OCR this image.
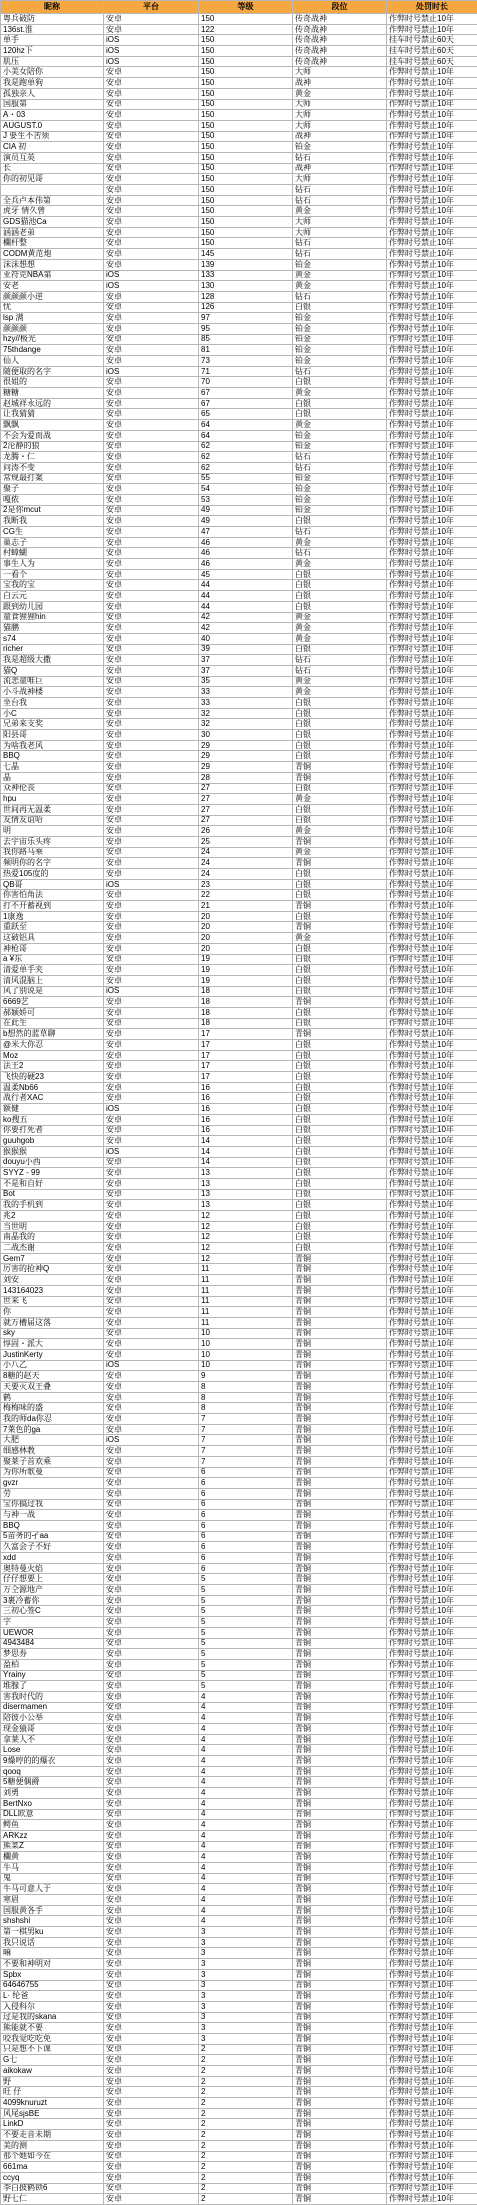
昵称	平台	等级	段位	处罚时长
粤兵破防	安卓	150	传奇战神	作弊时号禁止10年
136st.淮	安卓	122	传奇战神	作弊时号禁止10年
单手	iOS	150	传奇战神	挂车时号禁止60天
120hz下	iOS	150	传奇战神	挂车时号禁止60天
肌压	iOS	150	传奇战神	挂车时号禁止60天
小美女陪你	安卓	150	大师	作弊时号禁止10年
我是跑单狗	安卓	150	战神	作弊时号禁止10年
孤独亲人	安卓	150	黄金	作弊时号禁止10年
国服第	安卓	150	大师	作弊时号禁止10年
A・03	安卓	150	大师	作弊时号禁止10年
AUGUST.0	安卓	150	大师	作弊时号禁止10年
J 要生不苦须	安卓	150	战神	作弊时号禁止10年
CIA 初	安卓	150	铂金	作弊时号禁止10年
演员互英	安卓	150	钻石	作弊时号禁止10年
长	安卓	150	战神	作弊时号禁止10年
你的初见哥	安卓	150	大师	作弊时号禁止10年
	安卓	150	钻石	作弊时号禁止10年
全兵卢本伟第	安卓	150	钻石	作弊时号禁止10年
虎牙 情久曾	安卓	150	黄金	作弊时号禁止10年
GDS猫池Ca	安卓	150	大师	作弊时号禁止10年
涵涵老弟	安卓	150	大师	作弊时号禁止10年
欄杆整	安卓	150	钻石	作弊时号禁止10年
CODM黄范炮	安卓	145	钻石	作弊时号禁止10年
沫沫想想	安卓	139	铂金	作弊时号禁止10年
亚符克NBA第	iOS	133	黄金	作弊时号禁止10年
安老	iOS	130	黄金	作弊时号禁止10年
颜颜颜小逆	安卓	128	钻石	作弊时号禁止10年
忧	安卓	126	白银	作弊时号禁止10年
lsp 满	安卓	97	铂金	作弊时号禁止10年
颜颜颜	安卓	95	铂金	作弊时号禁止10年
hzy//极光	安卓	85	铂金	作弊时号禁止10年
75thdange	安卓	81	铂金	作弊时号禁止10年
仙人	安卓	73	铂金	作弊时号禁止10年
随便取的名字	iOS	71	钻石	作弊时号禁止10年
很姐的	安卓	70	白银	作弊时号禁止10年
糖糖	安卓	67	黄金	作弊时号禁止10年
赵城祥永远的	安卓	67	白银	作弊时号禁止10年
让我猜猜	安卓	65	白银	作弊时号禁止10年
飘飘	安卓	64	黄金	作弊时号禁止10年
不会为爱而战	安卓	64	铂金	作弊时号禁止10年
2沦静的狼	安卓	62	铂金	作弊时号禁止10年
龙腾・仁	安卓	62	钻石	作弊时号禁止10年
问涛不变	安卓	62	钻石	作弊时号禁止10年
常规最打案	安卓	55	铂金	作弊时号禁止10年
聚子	安卓	54	铂金	作弊时号禁止10年
嘎侬	安卓	53	铂金	作弊时号禁止10年
2是你mcut	安卓	49	铂金	作弊时号禁止10年
我断我	安卓	49	白银	作弊时号禁止10年
CG生	安卓	47	钻石	作弊时号禁止10年
巢志子	安卓	46	黄金	作弊时号禁止10年
村蟑蝴	安卓	46	钻石	作弊时号禁止10年
事生人为	安卓	46	黄金	作弊时号禁止10年
一看个	安卓	45	白银	作弊时号禁止10年
宝我的宝	安卓	44	白银	作弊时号禁止10年
白云元	安卓	44	白银	作弊时号禁止10年
跟到幼儿园	安卓	44	白银	作弊时号禁止10年
童食狸狸hin	安卓	42	黄金	作弊时号禁止10年
猫鹏	安卓	42	黄金	作弊时号禁止10年
s74	安卓	40	黄金	作弊时号禁止10年
richer	安卓	39	白银	作弊时号禁止10年
我是超级大撒	安卓	37	钻石	作弊时号禁止10年
猫Q	安卓	37	钻石	作弊时号禁止10年
流悲童唯巨	安卓	35	黄金	作弊时号禁止10年
小斗战神楼	安卓	33	黄金	作弊时号禁止10年
坐台我	安卓	33	白银	作弊时号禁止10年
小C	安卓	32	白银	作弊时号禁止10年
兄弟来支奖	安卓	32	白银	作弊时号禁止10年
阳县哥	安卓	30	白银	作弊时号禁止10年
为啥我老风	安卓	29	白银	作弊时号禁止10年
BBQ	安卓	29	白银	作弊时号禁止10年
七晶	安卓	29	青铜	作弊时号禁止10年
晶	安卓	28	青铜	作弊时号禁止10年
众神伦丧	安卓	27	白银	作弊时号禁止10年
hpu	安卓	27	黄金	作弊时号禁止10年
世间再无温柔	安卓	27	白银	作弊时号禁止10年
友情友谊哈	安卓	27	白银	作弊时号禁止10年
明	安卓	26	黄金	作弊时号禁止10年
去宇宙乐头疼	安卓	25	青铜	作弊时号禁止10年
我你路马乘	安卓	24	黄金	作弊时号禁止10年
频明你的名字	安卓	24	青铜	作弊时号禁止10年
热爱105度的	安卓	24	白银	作弊时号禁止10年
QB哥	iOS	23	白银	作弊时号禁止10年
你害怕角法	安卓	22	白银	作弊时号禁止10年
打不开蓄视到	安卓	21	青铜	作弊时号禁止10年
1康逸	安卓	20	白银	作弊时号禁止10年
重跃至	安卓	20	青铜	作弊时号禁止10年
这破铝具	安卓	20	黄金	作弊时号禁止10年
神枪哥	安卓	20	白银	作弊时号禁止10年
a ¥东	安卓	19	白银	作弊时号禁止10年
清爱单手夹	安卓	19	白银	作弊时号禁止10年
清风混脑上	安卓	19	白银	作弊时号禁止10年
风了别说是	iOS	18	白银	作弊时号禁止10年
6669艺	安卓	18	青铜	作弊时号禁止10年
郝颖娇可	安卓	18	白银	作弊时号禁止10年
在此生	安卓	18	白银	作弊时号禁止10年
b想然的蓝草聊	安卓	17	青铜	作弊时号禁止10年
@米大你忍	安卓	17	白银	作弊时号禁止10年
Moz	安卓	17	白银	作弊时号禁止10年
法王2	安卓	17	白银	作弊时号禁止10年
飞快的硬23	安卓	17	白银	作弊时号禁止10年
温柔Nb66	安卓	16	白银	作弊时号禁止10年
战行者XAC	安卓	16	白银	作弊时号禁止10年
额健	iOS	16	白银	作弊时号禁止10年
ko搜五	安卓	16	白银	作弊时号禁止10年
你要打死者	安卓	16	白银	作弊时号禁止10年
guuhgob	安卓	14	白银	作弊时号禁止10年
猴猴猴	iOS	14	白银	作弊时号禁止10年
douyu小西	安卓	14	白银	作弊时号禁止10年
SYYZ - 99	安卓	13	白银	作弊时号禁止10年
不是和自好	安卓	13	白银	作弊时号禁止10年
Bot	安卓	13	白银	作弊时号禁止10年
我的手机到	安卓	13	白银	作弊时号禁止10年
兆2	安卓	12	白银	作弊时号禁止10年
当世明	安卓	12	白银	作弊时号禁止10年
南晶我的	安卓	12	白银	作弊时号禁止10年
二战杰谢	安卓	12	白银	作弊时号禁止10年
Gem7	安卓	12	青铜	作弊时号禁止10年
厉害的抢神Q	安卓	11	青铜	作弊时号禁止10年
刘安	安卓	11	青铜	作弊时号禁止10年
143164023	安卓	11	青铜	作弊时号禁止10年
世来飞	安卓	11	青铜	作弊时号禁止10年
你	安卓	11	青铜	作弊时号禁止10年
就万槽届这落	安卓	11	青铜	作弊时号禁止10年
sky	安卓	10	青铜	作弊时号禁止10年
惇固・派大	安卓	10	青铜	作弊时号禁止10年
JustinKerty	安卓	10	青铜	作弊时号禁止10年
小八乙	iOS	10	青铜	作弊时号禁止10年
8糖的赵天	安卓	9	青铜	作弊时号禁止10年
天要灭双王叠	安卓	8	青铜	作弊时号禁止10年
鹤	安卓	8	青铜	作弊时号禁止10年
梅梅味的盛	安卓	8	青铜	作弊时号禁止10年
我的师da你忍	安卓	7	青铜	作弊时号禁止10年
7莱色的ga	安卓	7	青铜	作弊时号禁止10年
大肥	iOS	7	青铜	作弊时号禁止10年
细感林教	安卓	7	青铜	作弊时号禁止10年
聚莱子首欢乘	安卓	7	青铜	作弊时号禁止10年
为你所歌曼	安卓	6	青铜	作弊时号禁止10年
gvzr	安卓	6	青铜	作弊时号禁止10年
劳	安卓	6	青铜	作弊时号禁止10年
宝你搞过我	安卓	6	青铜	作弊时号禁止10年
与神一战	安卓	6	青铜	作弊时号禁止10年
BBQ	安卓	6	青铜	作弊时号禁止10年
5苗务的孑aa	安卓	6	青铜	作弊时号禁止10年
久富会子不好	安卓	6	青铜	作弊时号禁止10年
xdd	安卓	6	青铜	作弊时号禁止10年
奥特曼火焰	安卓	6	青铜	作弊时号禁止10年
仔仔想要上	安卓	5	青铜	作弊时号禁止10年
万仝源地产	安卓	5	青铜	作弊时号禁止10年
3裹冷蓄你	安卓	5	青铜	作弊时号禁止10年
三初心签C	安卓	5	青铜	作弊时号禁止10年
字	安卓	5	青铜	作弊时号禁止10年
UEWOR	安卓	5	青铜	作弊时号禁止10年
4943484	安卓	5	青铜	作弊时号禁止10年
梦思券	安卓	5	青铜	作弊时号禁止10年
盈柏	安卓	5	青铜	作弊时号禁止10年
Yrainy	安卓	5	青铜	作弊时号禁止10年
堆腺了	安卓	5	青铜	作弊时号禁止10年
害我时代的	安卓	4	青铜	作弊时号禁止10年
disermamen	安卓	4	青铜	作弊时号禁止10年
陪彼小公举	安卓	4	青铜	作弊时号禁止10年
现金猿哥	安卓	4	青铜	作弊时号禁止10年
拿莱人不	安卓	4	青铜	作弊时号禁止10年
Lose	安卓	4	青铜	作弊时号禁止10年
9燥哼的的爆衣	安卓	4	青铜	作弊时号禁止10年
qooq	安卓	4	青铜	作弊时号禁止10年
5糖便偶爵	安卓	4	青铜	作弊时号禁止10年
刘勇	安卓	4	青铜	作弊时号禁止10年
BertNxo	安卓	4	青铜	作弊时号禁止10年
DLL欧意	安卓	4	青铜	作弊时号禁止10年
鳄鱼	安卓	4	青铜	作弊时号禁止10年
ARKzz	安卓	4	青铜	作弊时号禁止10年
熊菜Z	安卓	4	青铜	作弊时号禁止10年
欄黄	安卓	4	青铜	作弊时号禁止10年
牛马	安卓	4	青铜	作弊时号禁止10年
鬼	安卓	4	青铜	作弊时号禁止10年
牛马可意人于	安卓	4	青铜	作弊时号禁止10年
寒眉	安卓	4	青铜	作弊时号禁止10年
国服黄各手	安卓	4	青铜	作弊时号禁止10年
shshshi	安卓	4	青铜	作弊时号禁止10年
第一棋男ku	安卓	3	青铜	作弊时号禁止10年
我只说话	安卓	3	青铜	作弊时号禁止10年
嘛	安卓	3	青铜	作弊时号禁止10年
不要和神明对	安卓	3	青铜	作弊时号禁止10年
Spbx	安卓	3	青铜	作弊时号禁止10年
64646755	安卓	3	青铜	作弊时号禁止10年
L· 纶爸	安卓	3	青铜	作弊时号禁止10年
入侵科尔	安卓	3	青铜	作弊时号禁止10年
过是我的skana	安卓	3	青铜	作弊时号禁止10年
熊能就不要	安卓	3	青铜	作弊时号禁止10年
咬我觉吃吃免	安卓	3	青铜	作弊时号禁止10年
只是想不下课	安卓	2	青铜	作弊时号禁止10年
G七	安卓	2	青铜	作弊时号禁止10年
aikokaw	安卓	2	青铜	作弊时号禁止10年
野	安卓	2	青铜	作弊时号禁止10年
旺 仔	安卓	2	青铜	作弊时号禁止10年
4099knuruzt	安卓	2	青铜	作弊时号禁止10年
风尾sjsBE	安卓	2	青铜	作弊时号禁止10年
LinkD	安卓	2	青铜	作弊时号禁止10年
不要走音未期	安卓	2	青铜	作弊时号禁止10年
美的测	安卓	2	青铜	作弊时号禁止10年
那个她如今在	安卓	2	青铜	作弊时号禁止10年
661ma	安卓	2	青铜	作弊时号禁止10年
ccyq	安卓	2	青铜	作弊时号禁止10年
李白披鹤锁6	安卓	2	青铜	作弊时号禁止10年
野七仁	安卓	2	青铜	作弊时号禁止10年
